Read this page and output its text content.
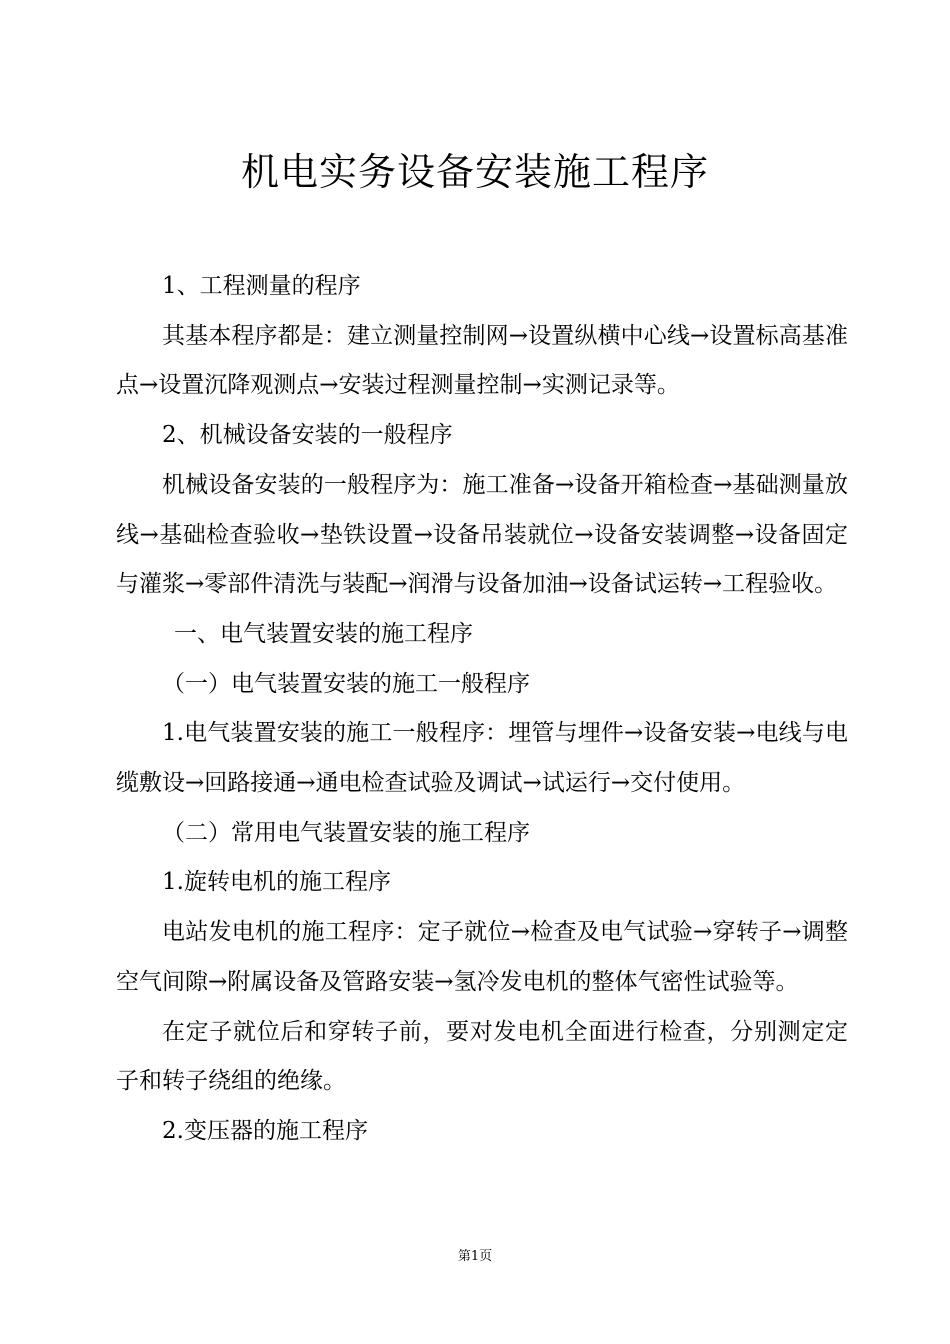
机电实务设备安装施工程序

1、工程测量的程序

其基本程序都是：建立测量控制网→设置纵横中心线→设置标高基准点→设置沉降观测点→安装过程测量控制→实测记录等。

2、机械设备安装的一般程序

机械设备安装的一般程序为：施工准备→设备开箱检查→基础测量放线→基础检查验收→垫铁设置→设备吊装就位→设备安装调整→设备固定与灌浆→零部件清洗与装配→润滑与设备加油→设备试运转→工程验收。

一、电气装置安装的施工程序

（一）电气装置安装的施工一般程序

1.电气装置安装的施工一般程序：埋管与埋件→设备安装→电线与电缆敷设→回路接通→通电检查试验及调试→试运行→交付使用。

（二）常用电气装置安装的施工程序

1.旋转电机的施工程序

电站发电机的施工程序：定子就位→检查及电气试验→穿转子→调整空气间隙→附属设备及管路安装→氢冷发电机的整体气密性试验等。

在定子就位后和穿转子前，要对发电机全面进行检查，分别测定定子和转子绕组的绝缘。

2.变压器的施工程序

第1页
